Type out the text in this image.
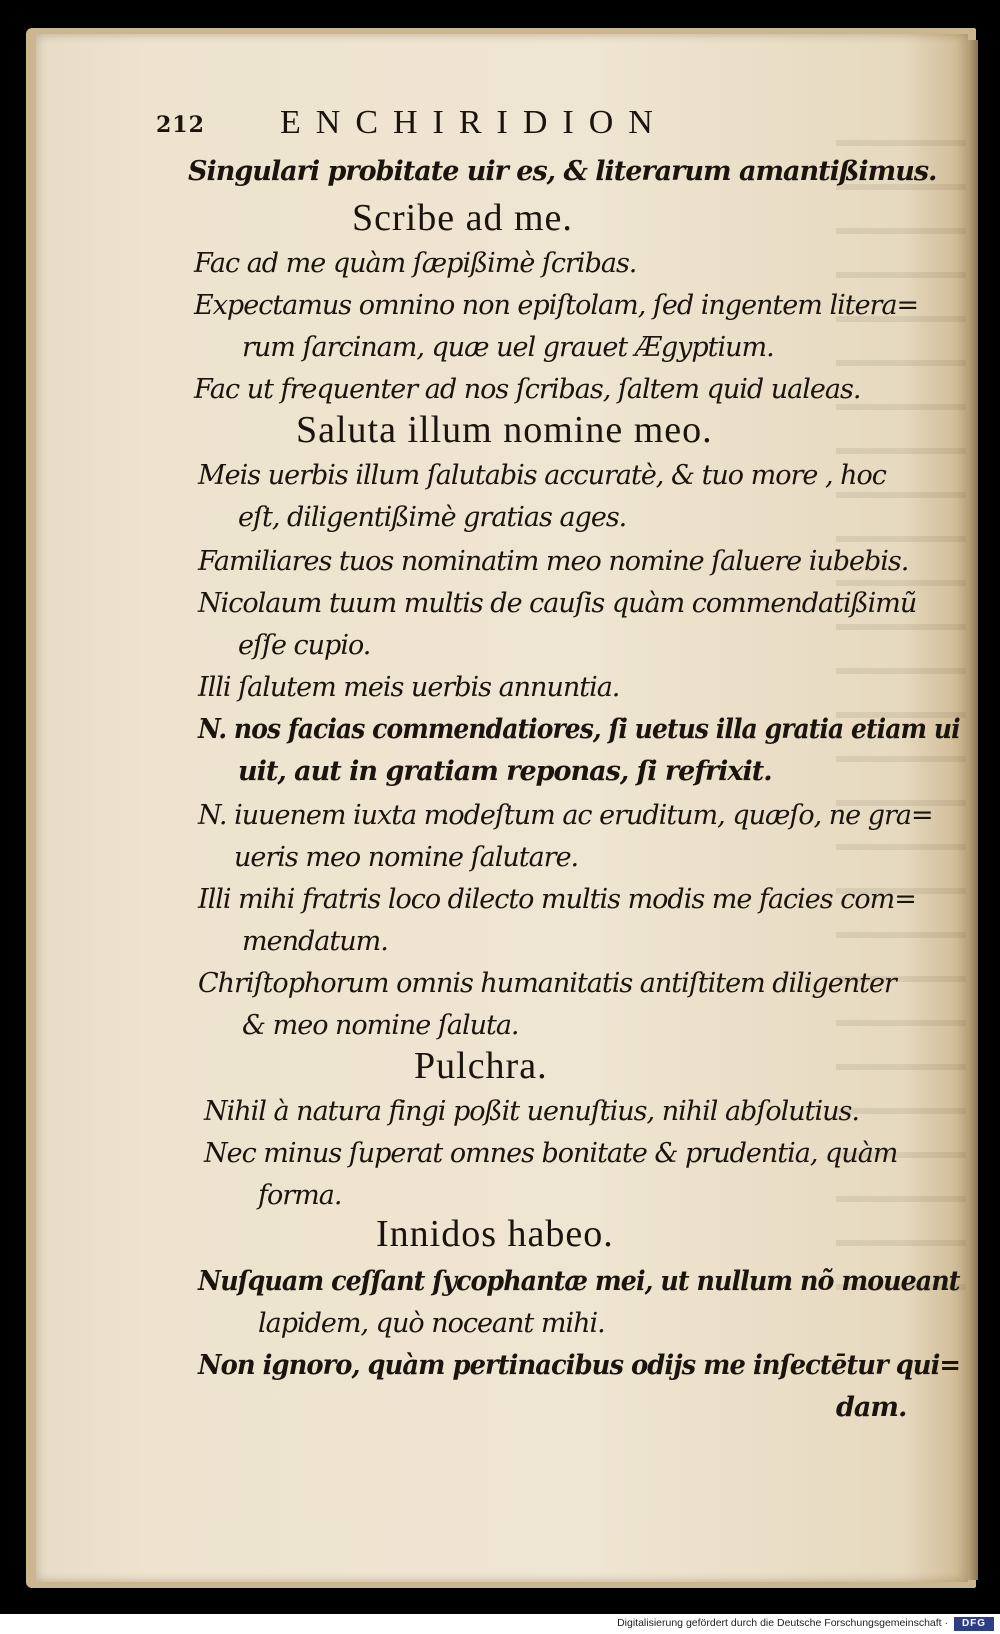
212 ENCHIRIDION
Singulari probitate uir es, & literarum amantißimus.
Scribe ad me.
Fac ad me quàm ſæpißimè ſcribas.
Expectamus omnino non epiſtolam, ſed ingentem litera=
rum ſarcinam, quæ uel grauet Ægyptium.
Fac ut frequenter ad nos ſcribas, ſaltem quid ualeas.
Saluta illum nomine meo.
Meis uerbis illum ſalutabis accuratè, & tuo more , hoc
eſt, diligentißimè gratias ages.
Familiares tuos nominatim meo nomine ſaluere iubebis.
Nicolaum tuum multis de cauſis quàm commendatißimũ
eſſe cupio.
Illi ſalutem meis uerbis annuntia.
N. nos facias commendatiores, ſi uetus illa gratia etiam ui
uit, aut in gratiam reponas, ſi refrixit.
N. iuuenem iuxta modeſtum ac eruditum, quæſo, ne gra=
ueris meo nomine ſalutare.
Illi mihi fratris loco dilecto multis modis me facies com=
mendatum.
Chriſtophorum omnis humanitatis antiſtitem diligenter
& meo nomine ſaluta.
Pulchra.
Nihil à natura fingi poßit uenuſtius, nihil abſolutius.
Nec minus ſuperat omnes bonitate & prudentia, quàm
forma.
Innidos habeo.
Nuſquam ceſſant ſycophantæ mei, ut nullum nõ moueant
lapidem, quò noceant mihi.
Non ignoro, quàm pertinacibus odijs me inſectētur qui=
dam.
Digitalisierung gefördert durch die Deutsche Forschungsgemeinschaft ·	DFG
